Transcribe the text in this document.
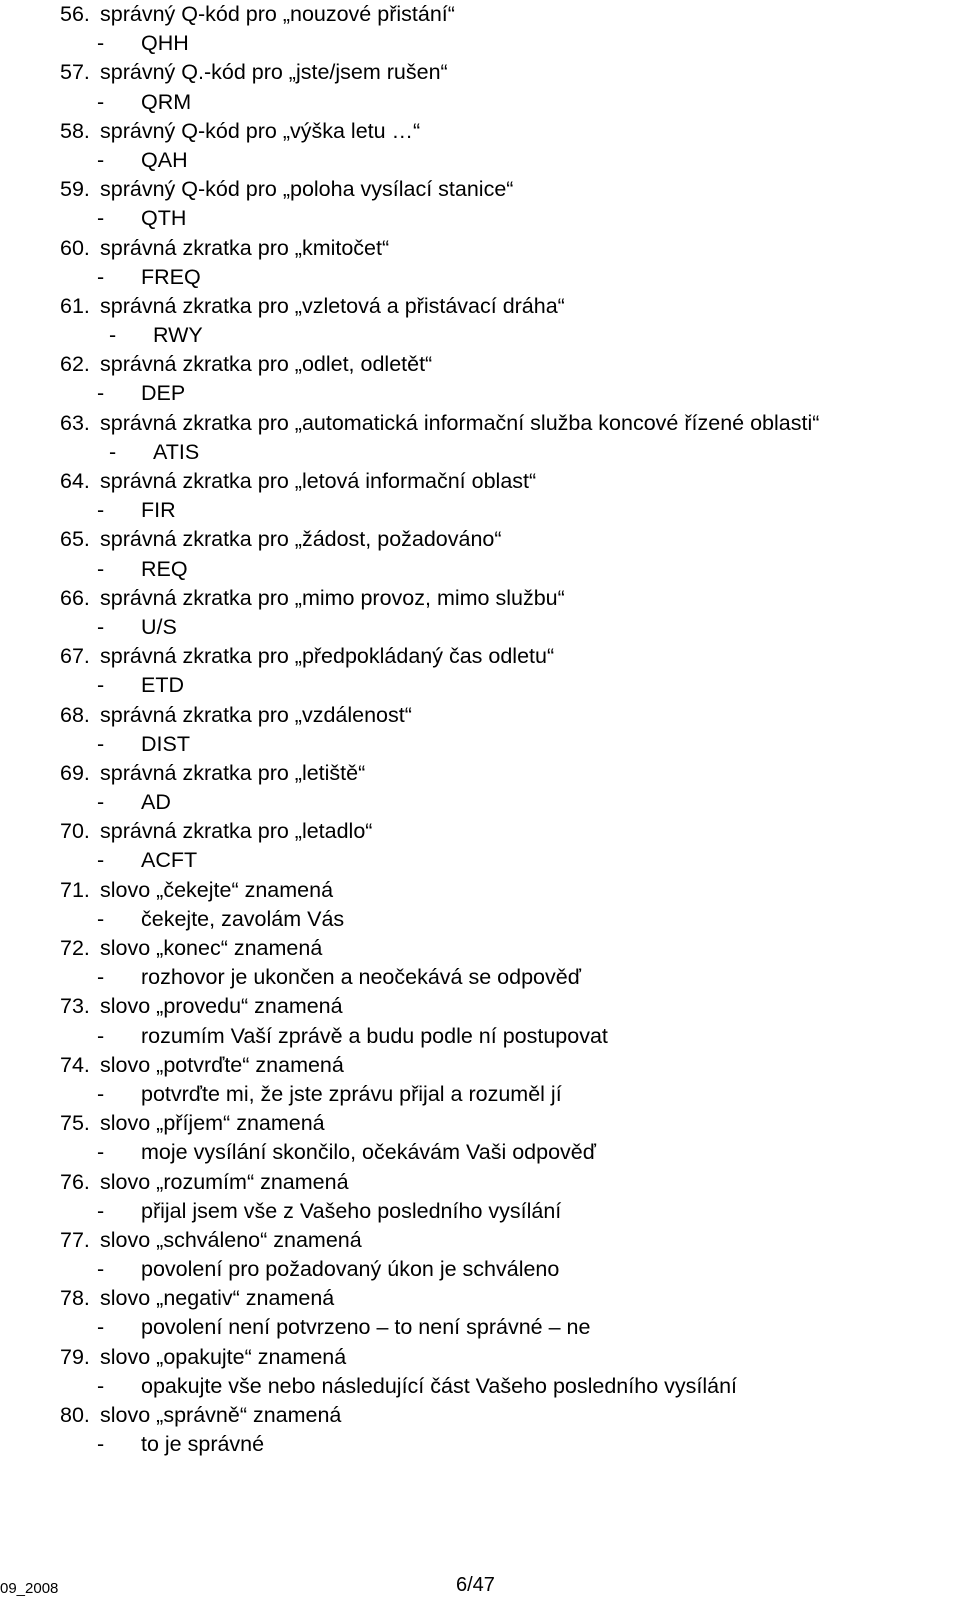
56. správný Q-kód pro „nouzové přistání“
- QHH
57. správný Q.-kód pro „jste/jsem rušen“
- QRM
58. správný Q-kód pro „výška letu …“
- QAH
59. správný Q-kód pro „poloha vysílací stanice“
- QTH
60. správná zkratka pro „kmitočet“
- FREQ
61. správná zkratka pro „vzletová a přistávací dráha“
- RWY
62. správná zkratka pro „odlet, odletět“
- DEP
63. správná zkratka pro „automatická informační služba koncové řízené oblasti“
- ATIS
64. správná zkratka pro „letová informační oblast“
- FIR
65. správná zkratka pro „žádost, požadováno“
- REQ
66. správná zkratka pro „mimo provoz, mimo službu“
- U/S
67. správná zkratka pro „předpokládaný čas odletu“
- ETD
68. správná zkratka pro „vzdálenost“
- DIST
69. správná zkratka pro „letiště“
- AD
70. správná zkratka pro „letadlo“
- ACFT
71. slovo „čekejte“ znamená
- čekejte, zavolám Vás
72. slovo „konec“ znamená
- rozhovor je ukončen a neočekává se odpověď
73. slovo „provedu“ znamená
- rozumím Vaší zprávě a budu podle ní postupovat
74. slovo „potvrďte“ znamená
- potvrďte mi, že jste zprávu přijal a rozuměl jí
75. slovo „příjem“ znamená
- moje vysílání skončilo, očekávám Vaši odpověď
76. slovo „rozumím“ znamená
- přijal jsem vše z Vašeho posledního vysílání
77. slovo „schváleno“ znamená
- povolení pro požadovaný úkon je schváleno
78. slovo „negativ“ znamená
- povolení není potvrzeno – to není správné – ne
79. slovo „opakujte“ znamená
- opakujte vše nebo následující část Vašeho posledního vysílání
80. slovo „správně“ znamená
- to je správné
09_2008	6/47
